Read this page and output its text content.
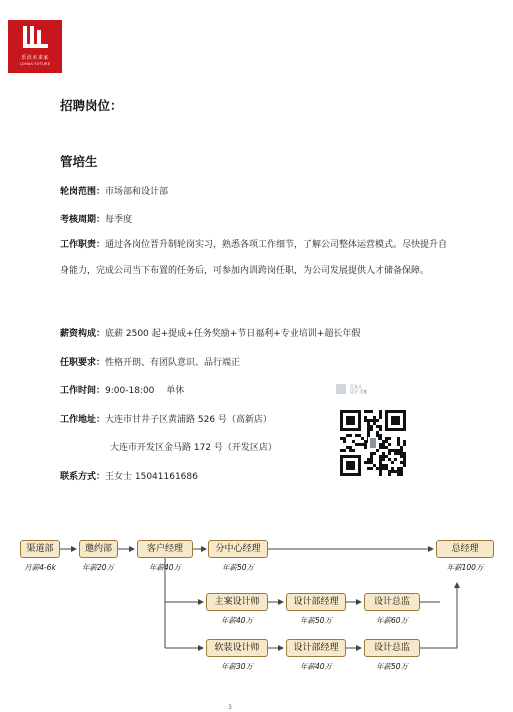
乐活未来家
LOHAS FUTURE
招聘岗位：
管培生
轮岗范围：市场部和设计部
考核周期：每季度
工作职责：通过各岗位晋升制轮岗实习，熟悉各项工作细节，了解公司整体运营模式。尽快提升自身能力，完成公司当下布置的任务后，可参加内训跨岗任职，为公司发展提供人才储备保障。
薪资构成：底薪 2500 起+提成+任务奖励+节日福利+专业培训+超长年假
任职要求：性格开朗、有团队意识、品行端正
工作时间：9:00-18:00　 单休
工作地址：大连市甘井子区黄浦路 526 号（高新店）
大连市开发区金马路 172 号（开发区店）
联系方式：王女士 15041161686
王女士
辽宁 大连
渠道部
月薪4-6k
邀约部
年薪20万
客户经理
年薪40万
分中心经理
年薪50万
总经理
年薪100万
主案设计师
年薪40万
设计部经理
年薪50万
设计总监
年薪60万
软装设计师
年薪30万
设计部经理
年薪40万
设计总监
年薪50万
3
